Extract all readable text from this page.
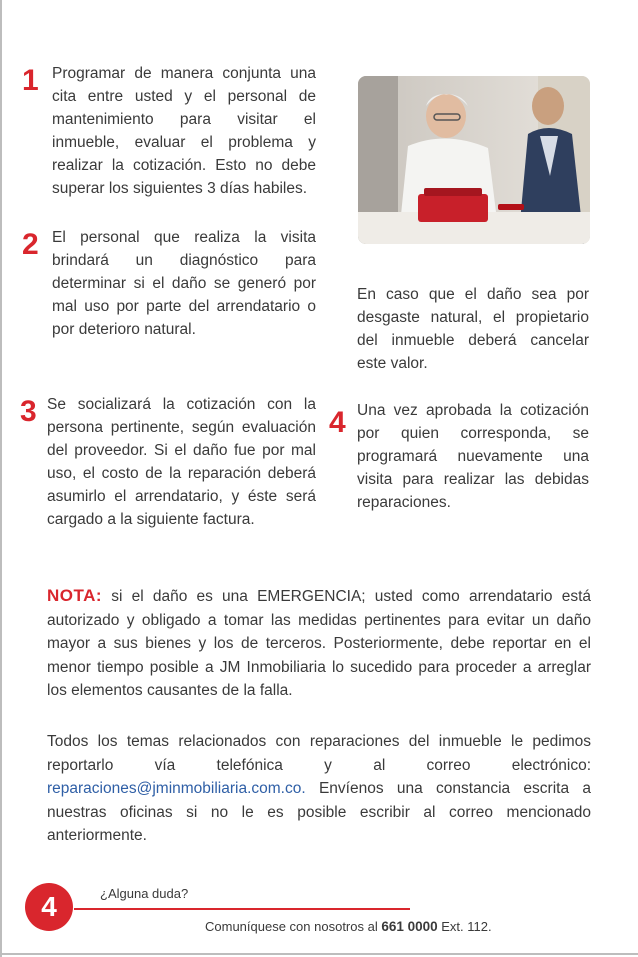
1 Programar de manera conjunta una cita entre usted y el personal de mantenimiento para visitar el inmueble, evaluar el problema y realizar la cotización. Esto no debe superar los siguientes 3 días habiles.
2 El personal que realiza la visita brindará un diagnóstico para determinar si el daño se generó por mal uso por parte del arrendatario o por deterioro natural.
3 Se socializará la cotización con la persona pertinente, según evaluación del proveedor. Si el daño fue por mal uso, el costo de la reparación deberá asumirlo el arrendatario, y éste será cargado a la siguiente factura.
En caso que el daño sea por desgaste natural, el propietario del inmueble deberá cancelar este valor.
4 Una vez aprobada la cotización por quien corresponda, se programará nuevamente una visita para realizar las debidas reparaciones.
NOTA: si el daño es una EMERGENCIA; usted como arrendatario está autorizado y obligado a tomar las medidas pertinentes para evitar un daño mayor a sus bienes y los de terceros. Posteriormente, debe reportar en el menor tiempo posible a JM Inmobiliaria lo sucedido para proceder a arreglar los elementos causantes de la falla.
Todos los temas relacionados con reparaciones del inmueble le pedimos reportarlo vía telefónica y al correo electrónico: reparaciones@jminmobiliaria.com.co. Envíenos una constancia escrita a nuestras oficinas si no le es posible escribir al correo mencionado anteriormente.
4	¿Alguna duda?
Comuníquese con nosotros al 661 0000 Ext. 112.
